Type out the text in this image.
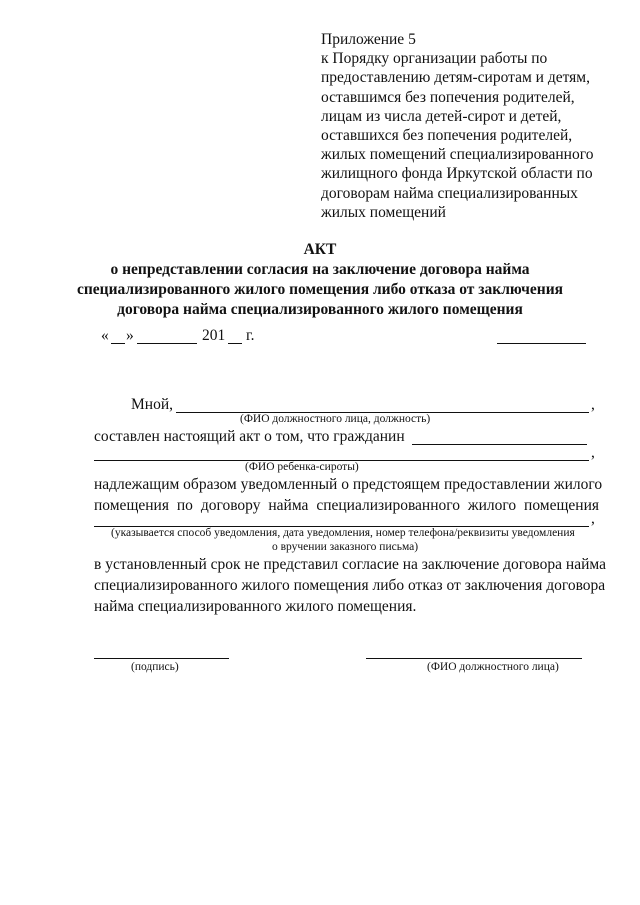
Приложение 5
к Порядку организации работы по
предоставлению детям-сиротам и детям,
оставшимся без попечения родителей,
лицам из числа детей-сирот и детей,
оставшихся без попечения родителей,
жилых помещений специализированного
жилищного фонда Иркутской области по
договорам найма специализированных
жилых помещений
АКТ
о непредставлении согласия на заключение договора найма
специализированного жилого помещения либо отказа от заключения
договора найма специализированного жилого помещения
« »	201 г.
Мной,	,
(ФИО должностного лица, должность)
составлен настоящий акт о том, что гражданин
,
(ФИО ребенка-сироты)
надлежащим образом уведомленный о предстоящем предоставлении жилого
помещения по договору найма специализированного жилого помещения
,
(указывается способ уведомления, дата уведомления, номер телефона/реквизиты уведомления
о вручении заказного письма)
в установленный срок не представил согласие на заключение договора найма
специализированного жилого помещения либо отказ от заключения договора
найма специализированного жилого помещения.
(подпись)	(ФИО должностного лица)
